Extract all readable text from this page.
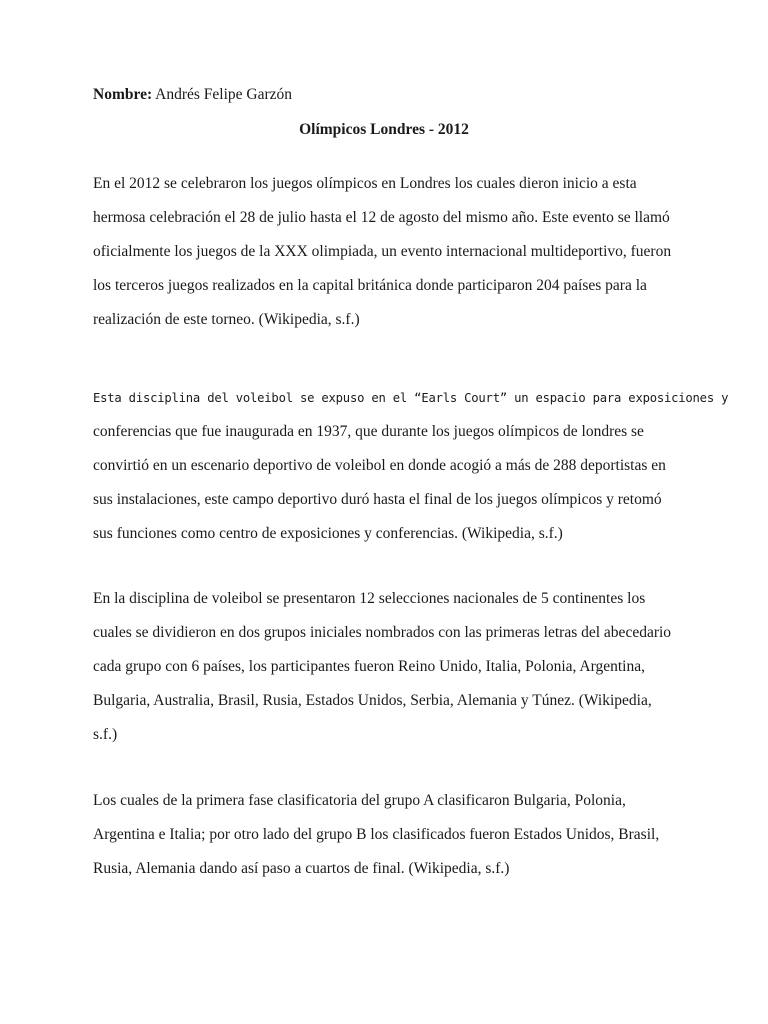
Nombre: Andrés Felipe Garzón
Olímpicos Londres - 2012
En el 2012 se celebraron los juegos olímpicos en Londres los cuales dieron inicio a esta
hermosa celebración el 28 de julio hasta el 12 de agosto del mismo año. Este evento se llamó
oficialmente los juegos de la XXX olimpiada, un evento internacional multideportivo, fueron
los terceros juegos realizados en la capital británica donde participaron 204 países para la
realización de este torneo. (Wikipedia, s.f.)
Esta disciplina del voleibol se expuso en el “Earls Court” un espacio para exposiciones y
conferencias que fue inaugurada en 1937, que durante los juegos olímpicos de londres se
convirtió en un escenario deportivo de voleibol en donde acogió a más de 288 deportistas en
sus instalaciones, este campo deportivo duró hasta el final de los juegos olímpicos y retomó
sus funciones como centro de exposiciones y conferencias. (Wikipedia, s.f.)
En la disciplina de voleibol se presentaron 12 selecciones nacionales de 5 continentes los
cuales se dividieron en dos grupos iniciales nombrados con las primeras letras del abecedario
cada grupo con 6 países, los participantes fueron Reino Unido, Italia, Polonia, Argentina,
Bulgaria, Australia, Brasil, Rusia, Estados Unidos, Serbia, Alemania y Túnez. (Wikipedia,
s.f.)
Los cuales de la primera fase clasificatoria del grupo A clasificaron Bulgaria, Polonia,
Argentina e Italia; por otro lado del grupo B los clasificados fueron Estados Unidos, Brasil,
Rusia, Alemania dando así paso a cuartos de final. (Wikipedia, s.f.)
